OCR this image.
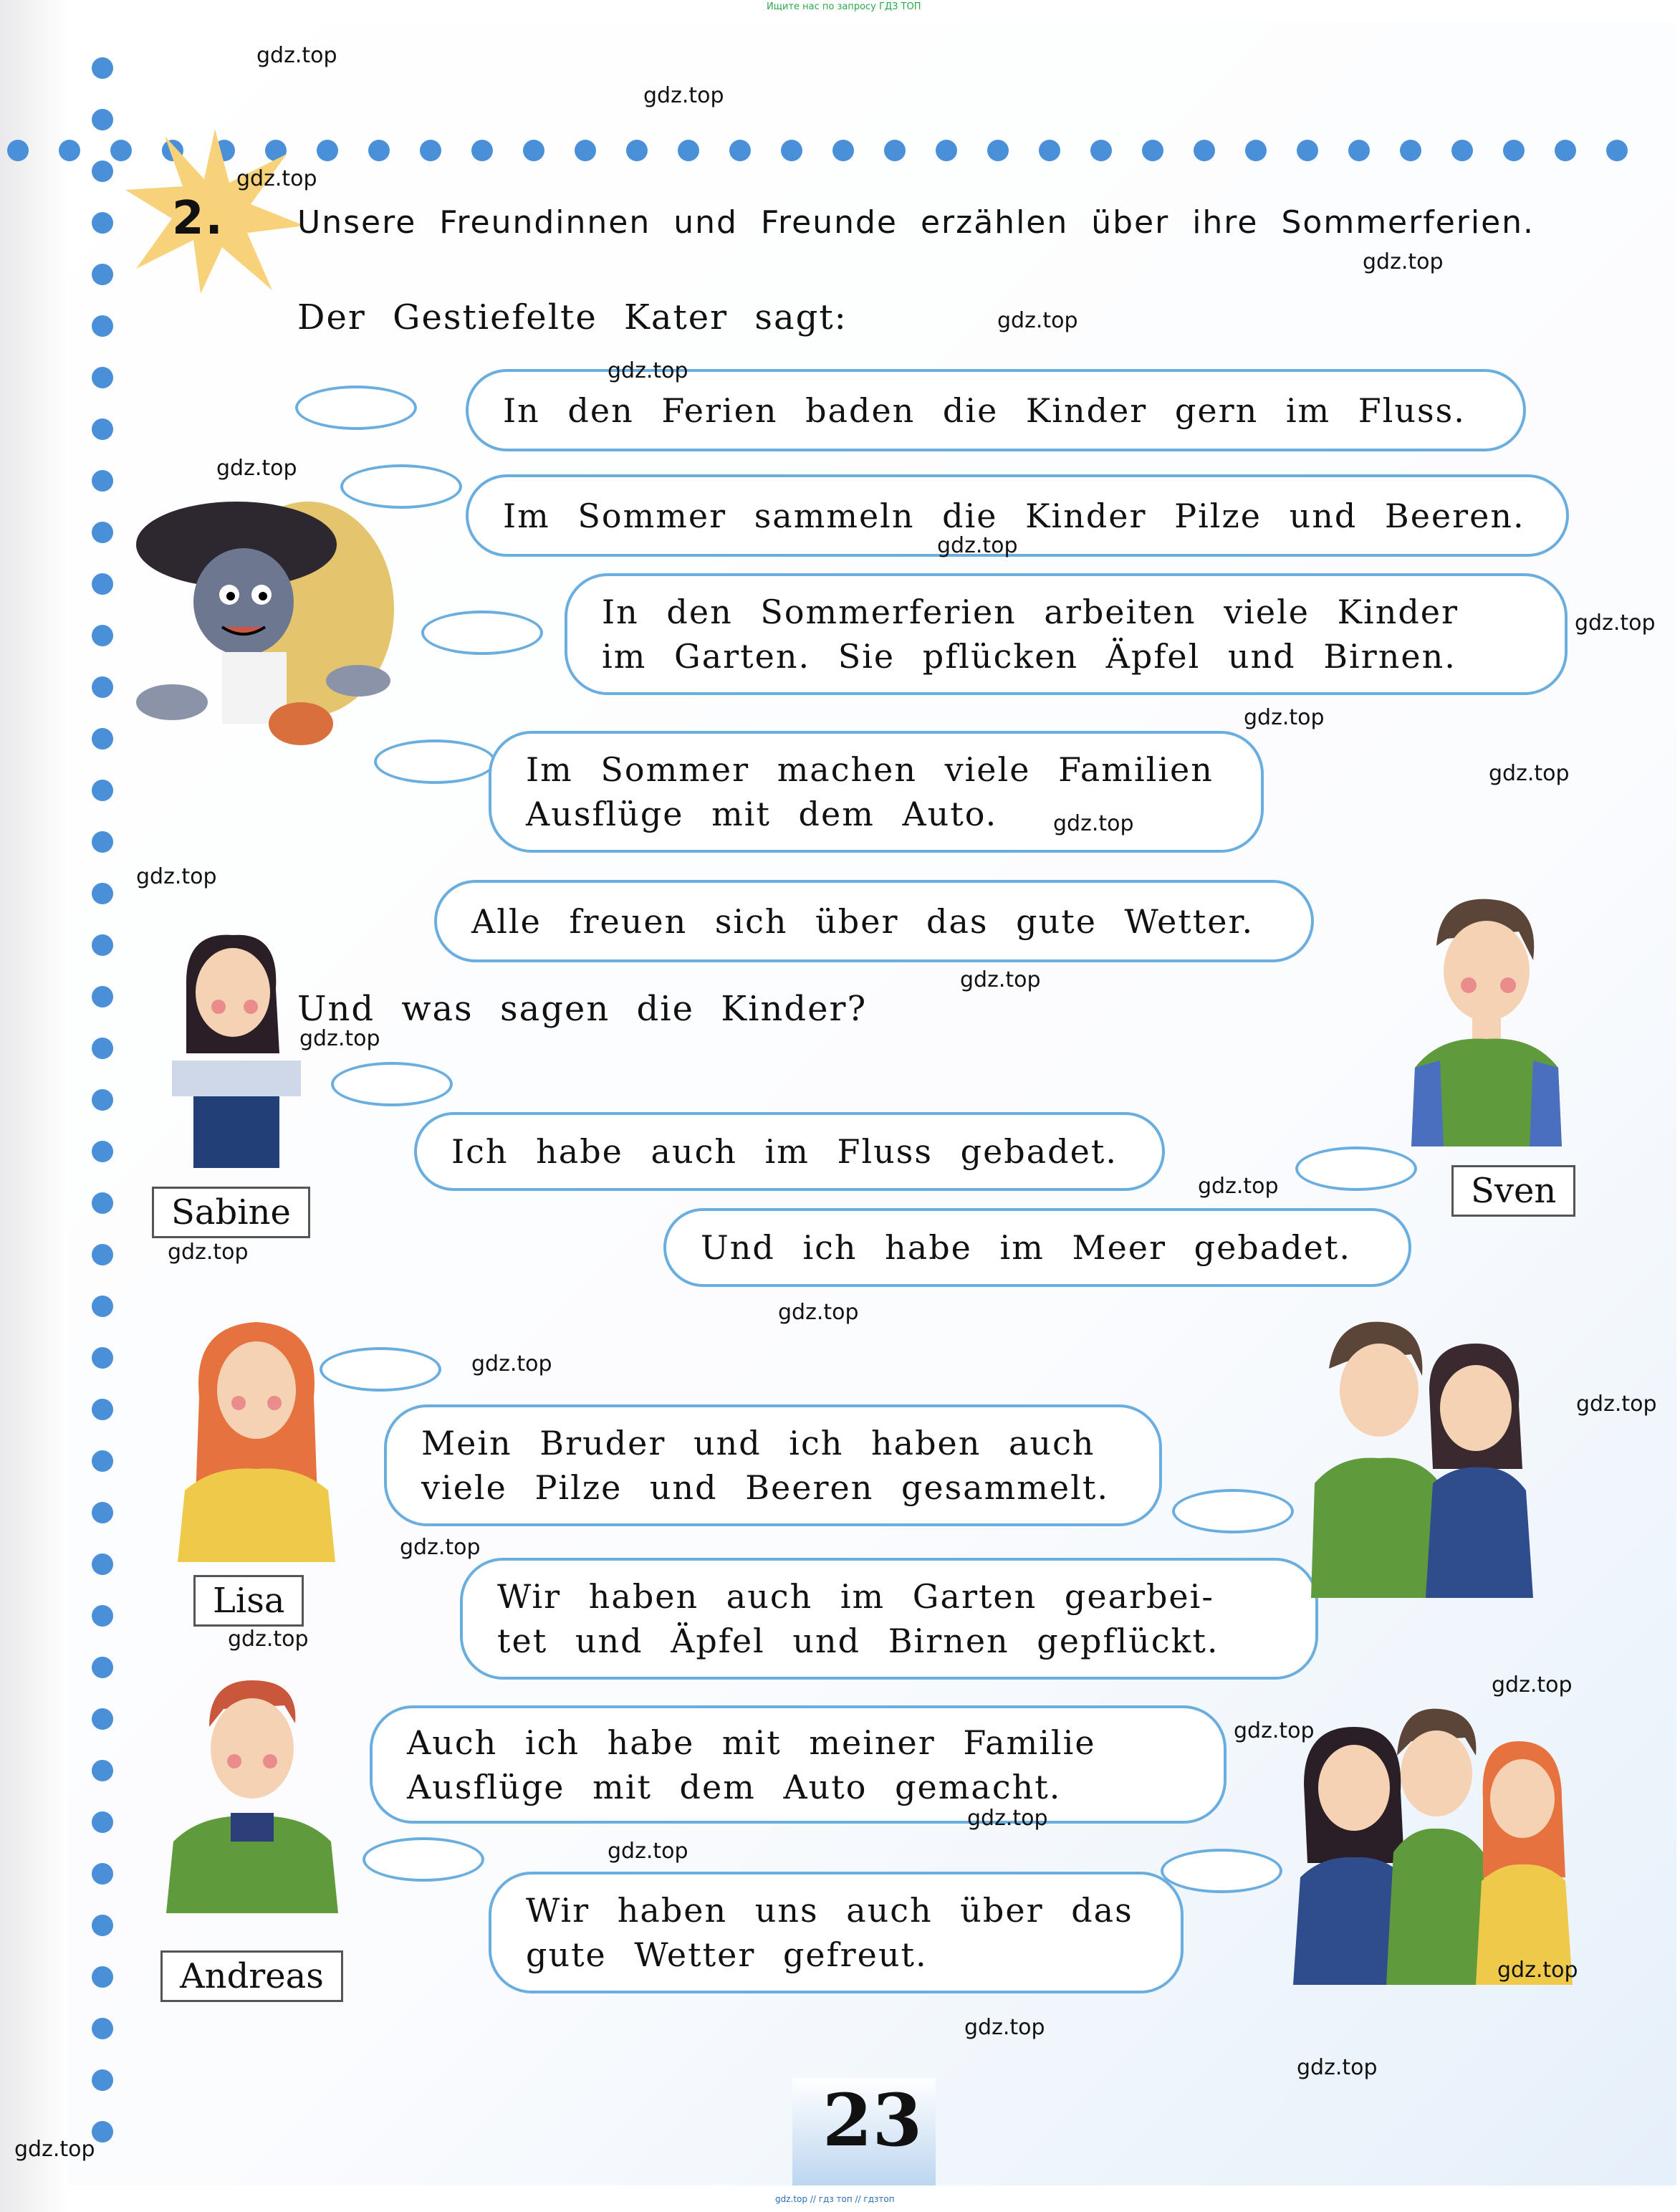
Ищите нас по запросу ГДЗ ТОП
2. Unsere Freundinnen und Freunde erzählen über ihre Sommerferien.
Der Gestiefelte Kater sagt:
In den Ferien baden die Kinder gern im Fluss.
Im Sommer sammeln die Kinder Pilze und Beeren.
In den Sommerferien arbeiten viele Kinder
im Garten. Sie pflücken Äpfel und Birnen.
Im Sommer machen viele Familien
Ausflüge mit dem Auto.
Alle freuen sich über das gute Wetter.
Und was sagen die Kinder?
Ich habe auch im Fluss gebadet.
Und ich habe im Meer gebadet.
Mein Bruder und ich haben auch
viele Pilze und Beeren gesammelt.
Wir haben auch im Garten gearbei-
tet und Äpfel und Birnen gepflückt.
Auch ich habe mit meiner Familie
Ausflüge mit dem Auto gemacht.
Wir haben uns auch über das
gute Wetter gefreut.
Sabine
Sven
Lisa
Andreas
23
gdz.top // гдз топ // гдзтоп
gdz.top
gdz.top
gdz.top
gdz.top
gdz.top
gdz.top
gdz.top
gdz.top
gdz.top
gdz.top
gdz.top
gdz.top
gdz.top
gdz.top
gdz.top
gdz.top
gdz.top
gdz.top
gdz.top
gdz.top
gdz.top
gdz.top
gdz.top
gdz.top
gdz.top
gdz.top
gdz.top
gdz.top
gdz.top
gdz.top
